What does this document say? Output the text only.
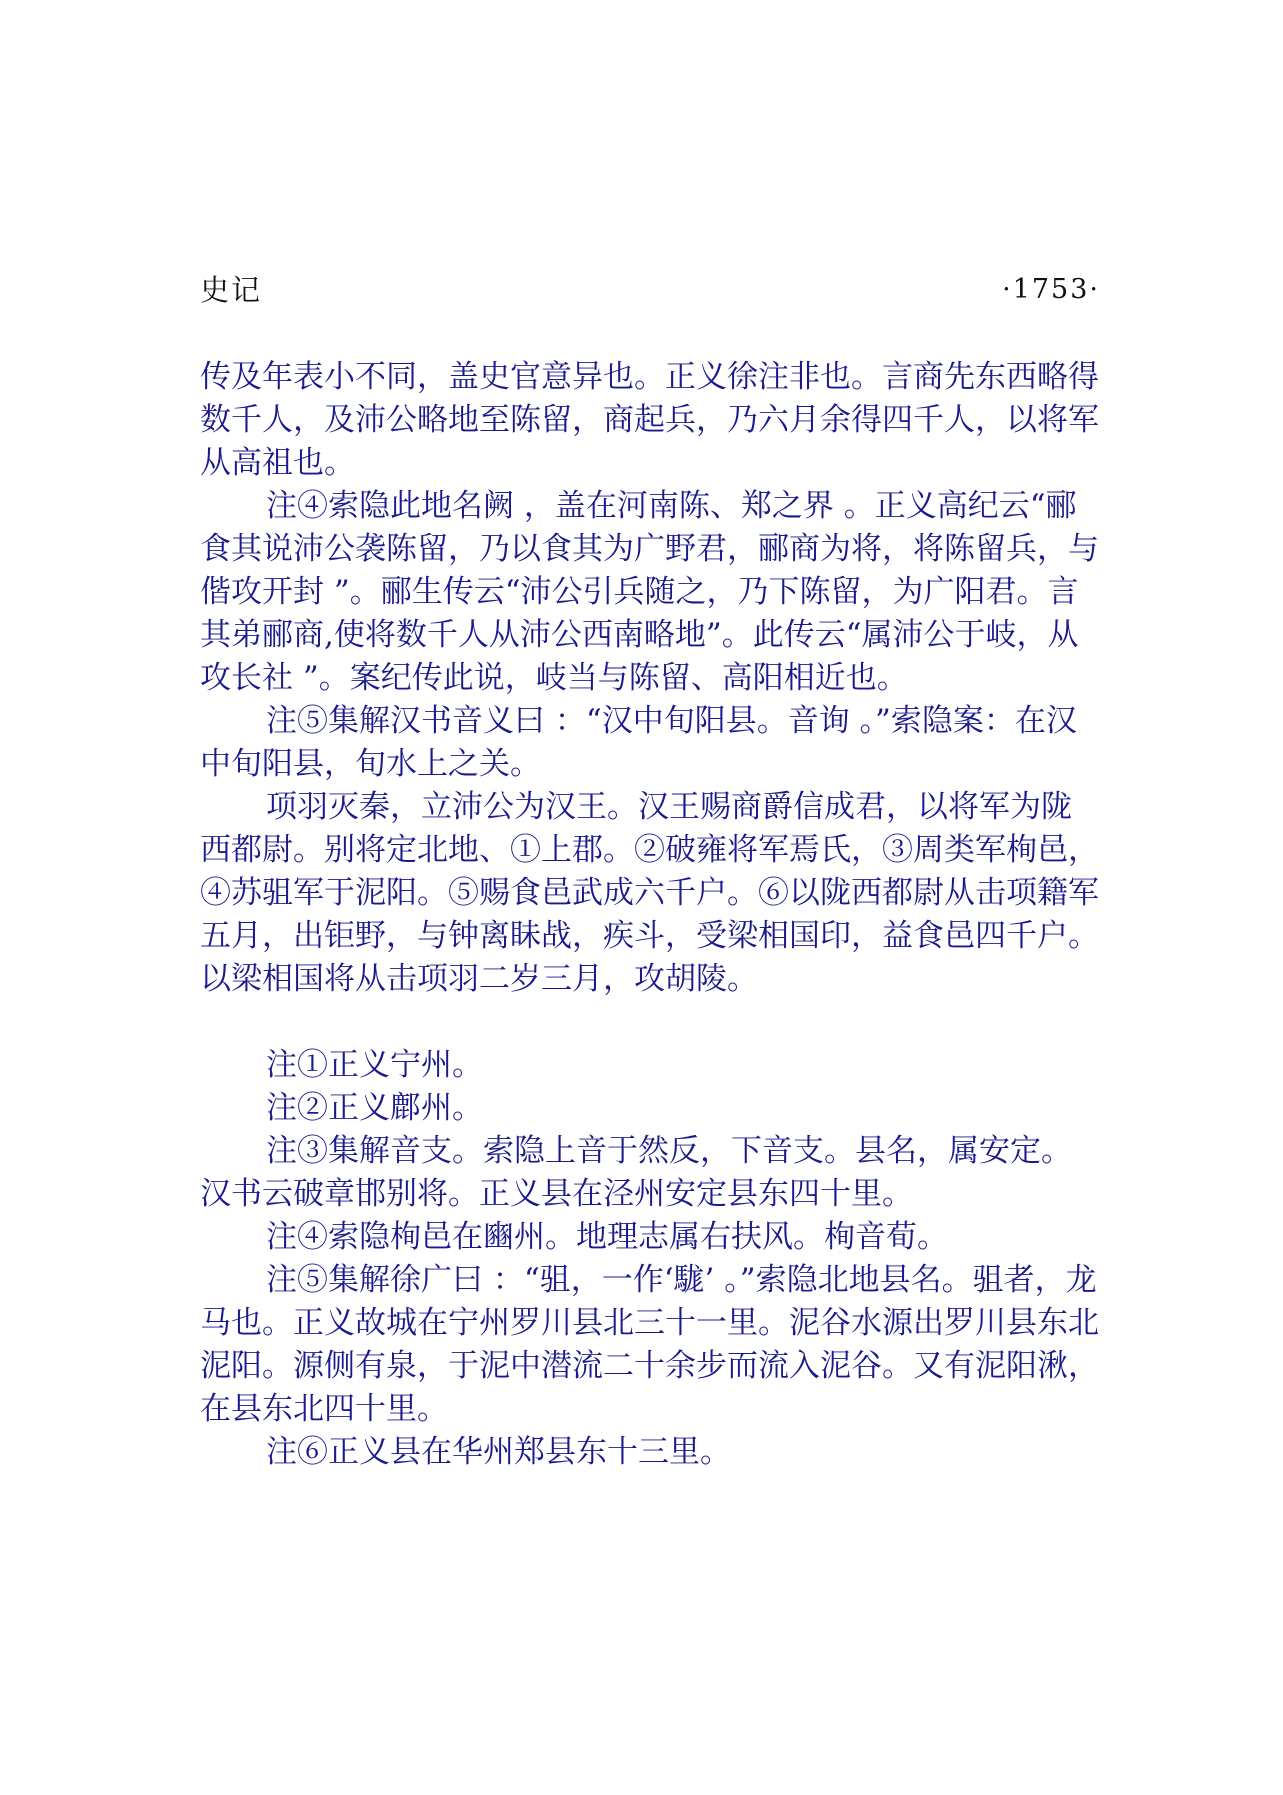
史记	·1753·

传及年表小不同，盖史官意异也。正义徐注非也。言商先东西略得数千人，及沛公略地至陈留，商起兵，乃六月余得四千人，以将军从高祖也。

注④索隐此地名阙 ，盖在河南陈、郑之界 。正义高纪云“郦食其说沛公袭陈留，乃以食其为广野君，郦商为将，将陈留兵，与偕攻开封 ”。郦生传云“沛公引兵随之，乃下陈留，为广阳君。言其弟郦商,使将数千人从沛公西南略地”。此传云“属沛公于岐，从攻长社 ”。案纪传此说，岐当与陈留、高阳相近也。

注⑤集解汉书音义曰 ：“汉中旬阳县。音询 。”索隐案：在汉中旬阳县，旬水上之关。

项羽灭秦，立沛公为汉王。汉王赐商爵信成君，以将军为陇西都尉。别将定北地、①上郡。②破雍将军焉氏，③周类军栒邑，④苏驵军于泥阳。⑤赐食邑武成六千户。⑥以陇西都尉从击项籍军五月，出钜野，与钟离眛战，疾斗，受梁相国印，益食邑四千户。以梁相国将从击项羽二岁三月，攻胡陵。

注①正义宁州。

注②正义鄜州。

注③集解音支。索隐上音于然反，下音支。县名，属安定。汉书云破章邯别将。正义县在泾州安定县东四十里。

注④索隐栒邑在豳州。地理志属右扶风。栒音荀。

注⑤集解徐广曰 ：“驵，一作‘駹’ 。”索隐北地县名。驵者，龙马也。正义故城在宁州罗川县北三十一里。泥谷水源出罗川县东北泥阳。源侧有泉，于泥中潜流二十余步而流入泥谷。又有泥阳湫，在县东北四十里。

注⑥正义县在华州郑县东十三里。
